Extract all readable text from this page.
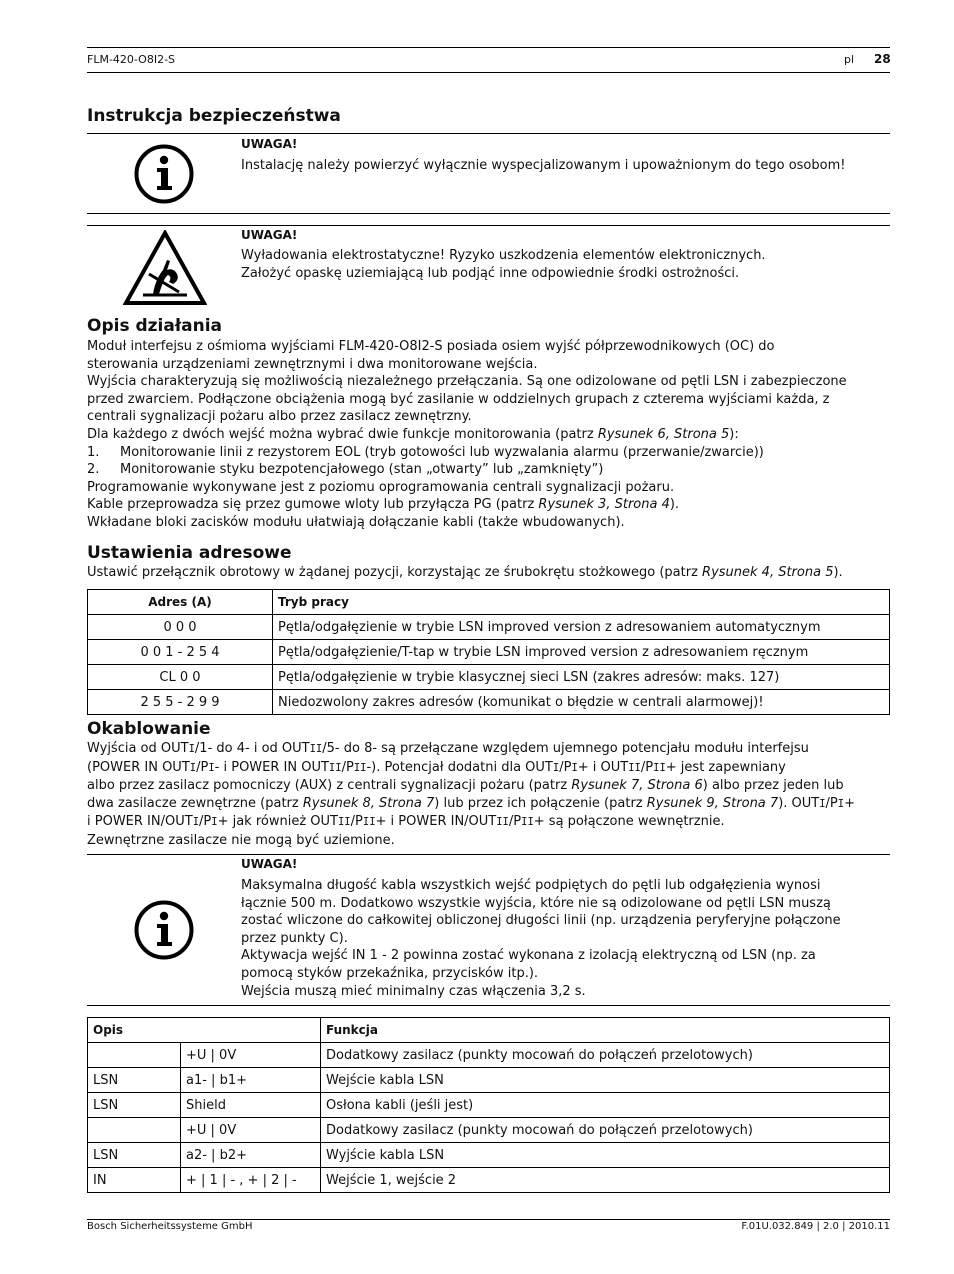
FLM-420-O8I2-S	pl 28
Instrukcja bezpieczeństwa
UWAGA!
Instalację należy powierzyć wyłącznie wyspecjalizowanym i upoważnionym do tego osobom!
UWAGA!
Wyładowania elektrostatyczne! Ryzyko uszkodzenia elementów elektronicznych.
Założyć opaskę uziemiającą lub podjąć inne odpowiednie środki ostrożności.
Opis działania
Moduł interfejsu z ośmioma wyjściami FLM-420-O8I2-S posiada osiem wyjść półprzewodnikowych (OC) do
sterowania urządzeniami zewnętrznymi i dwa monitorowane wejścia.
Wyjścia charakteryzują się możliwością niezależnego przełączania. Są one odizolowane od pętli LSN i zabezpieczone
przed zwarciem. Podłączone obciążenia mogą być zasilanie w oddzielnych grupach z czterema wyjściami każda, z
centrali sygnalizacji pożaru albo przez zasilacz zewnętrzny.
Dla każdego z dwóch wejść można wybrać dwie funkcje monitorowania (patrz Rysunek 6, Strona 5):
1. Monitorowanie linii z rezystorem EOL (tryb gotowości lub wyzwalania alarmu (przerwanie/zwarcie))
2. Monitorowanie styku bezpotencjałowego (stan „otwarty” lub „zamknięty”)
Programowanie wykonywane jest z poziomu oprogramowania centrali sygnalizacji pożaru.
Kable przeprowadza się przez gumowe wloty lub przyłącza PG (patrz Rysunek 3, Strona 4).
Wkładane bloki zacisków modułu ułatwiają dołączanie kabli (także wbudowanych).
Ustawienia adresowe
Ustawić przełącznik obrotowy w żądanej pozycji, korzystając ze śrubokrętu stożkowego (patrz Rysunek 4, Strona 5).
Adres (A)	Tryb pracy
0 0 0	Pętla/odgałęzienie w trybie LSN improved version z adresowaniem automatycznym
0 0 1 - 2 5 4	Pętla/odgałęzienie/T-tap w trybie LSN improved version z adresowaniem ręcznym
CL 0 0	Pętla/odgałęzienie w trybie klasycznej sieci LSN (zakres adresów: maks. 127)
2 5 5 - 2 9 9	Niedozwolony zakres adresów (komunikat o błędzie w centrali alarmowej)!
Okablowanie
Wyjścia od OUTI/1- do 4- i od OUTII/5- do 8- są przełączane względem ujemnego potencjału modułu interfejsu
(POWER IN OUTI/PI- i POWER IN OUTII/PII-). Potencjał dodatni dla OUTI/PI+ i OUTII/PII+ jest zapewniany
albo przez zasilacz pomocniczy (AUX) z centrali sygnalizacji pożaru (patrz Rysunek 7, Strona 6) albo przez jeden lub
dwa zasilacze zewnętrzne (patrz Rysunek 8, Strona 7) lub przez ich połączenie (patrz Rysunek 9, Strona 7). OUTI/PI+
i POWER IN/OUTI/PI+ jak również OUTII/PII+ i POWER IN/OUTII/PII+ są połączone wewnętrznie.
Zewnętrzne zasilacze nie mogą być uziemione.
UWAGA!
Maksymalna długość kabla wszystkich wejść podpiętych do pętli lub odgałęzienia wynosi
łącznie 500 m. Dodatkowo wszystkie wyjścia, które nie są odizolowane od pętli LSN muszą
zostać wliczone do całkowitej obliczonej długości linii (np. urządzenia peryferyjne połączone
przez punkty C).
Aktywacja wejść IN 1 - 2 powinna zostać wykonana z izolacją elektryczną od LSN (np. za
pomocą styków przekaźnika, przycisków itp.).
Wejścia muszą mieć minimalny czas włączenia 3,2 s.
Opis		Funkcja
	+U | 0V	Dodatkowy zasilacz (punkty mocowań do połączeń przelotowych)
LSN	a1- | b1+	Wejście kabla LSN
LSN	Shield	Osłona kabli (jeśli jest)
	+U | 0V	Dodatkowy zasilacz (punkty mocowań do połączeń przelotowych)
LSN	a2- | b2+	Wyjście kabla LSN
IN	+ | 1 | - , + | 2 | -	Wejście 1, wejście 2
Bosch Sicherheitssysteme GmbH	F.01U.032.849 | 2.0 | 2010.11
